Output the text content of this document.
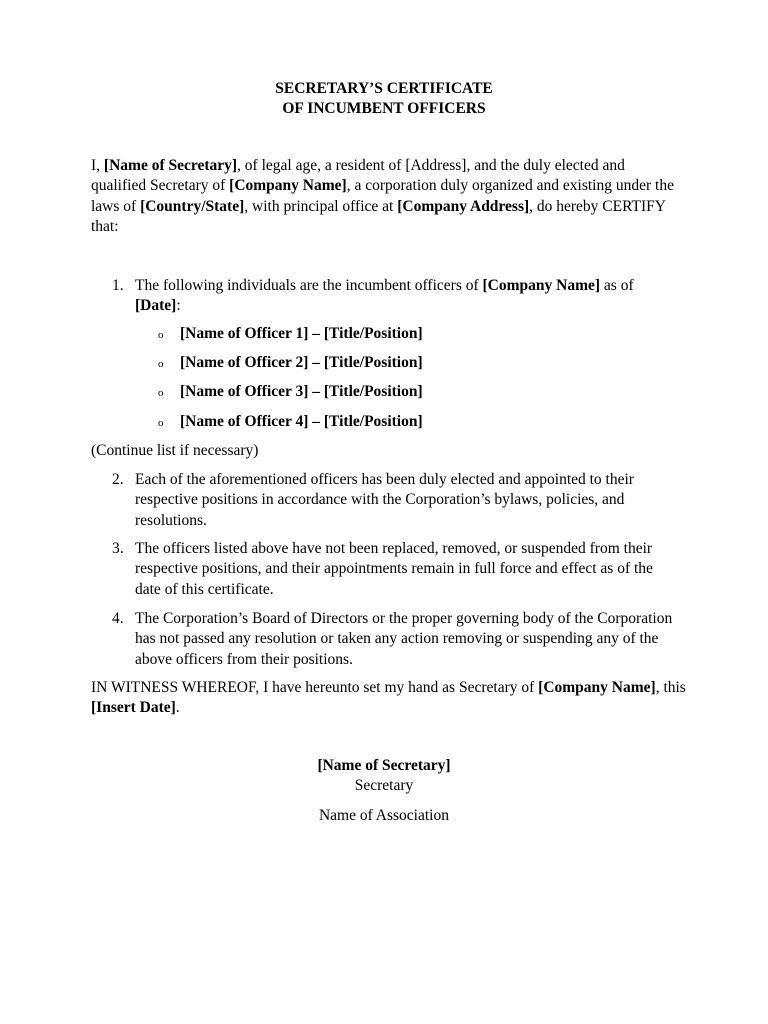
SECRETARY’S CERTIFICATE
OF INCUMBENT OFFICERS
I, [Name of Secretary], of legal age, a resident of [Address], and the duly elected and qualified Secretary of [Company Name], a corporation duly organized and existing under the laws of [Country/State], with principal office at [Company Address], do hereby CERTIFY that:
1. The following individuals are the incumbent officers of [Company Name] as of [Date]:
o [Name of Officer 1] – [Title/Position]
o [Name of Officer 2] – [Title/Position]
o [Name of Officer 3] – [Title/Position]
o [Name of Officer 4] – [Title/Position]
(Continue list if necessary)
2. Each of the aforementioned officers has been duly elected and appointed to their respective positions in accordance with the Corporation’s bylaws, policies, and resolutions.
3. The officers listed above have not been replaced, removed, or suspended from their respective positions, and their appointments remain in full force and effect as of the date of this certificate.
4. The Corporation’s Board of Directors or the proper governing body of the Corporation has not passed any resolution or taken any action removing or suspending any of the above officers from their positions.
IN WITNESS WHEREOF, I have hereunto set my hand as Secretary of [Company Name], this [Insert Date].
[Name of Secretary]
Secretary
Name of Association
